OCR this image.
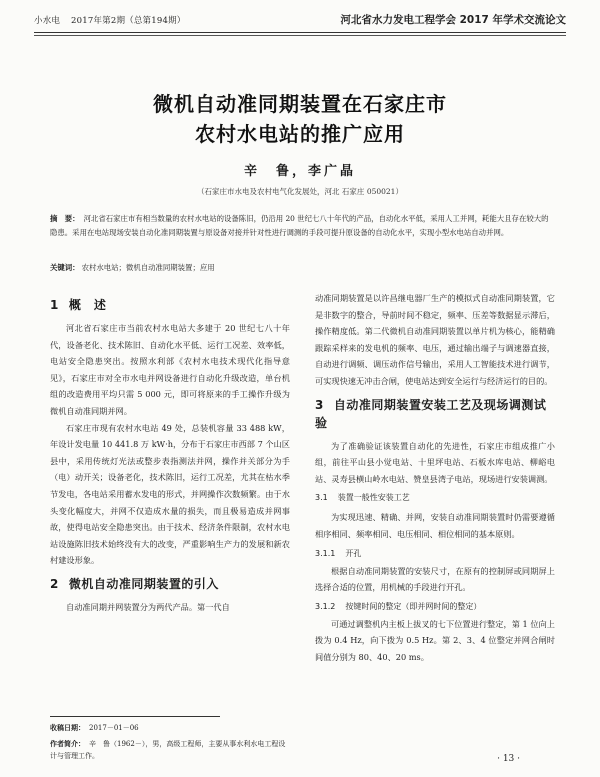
小水电 2017年第2期（总第194期）	河北省水力发电工程学会 2017 年学术交流论文
微机自动准同期装置在石家庄市
农村水电站的推广应用
辛　鲁，李广晶
（石家庄市水电及农村电气化发展处，河北 石家庄 050021）
摘　要： 河北省石家庄市有相当数量的农村水电站的设备陈旧，仍沿用 20 世纪七八十年代的产品，自动化水平低，采用人工并网，耗能大且存在较大的隐患。采用在电站现场安装自动化准同期装置与原设备对接并针对性进行调测的手段可提升原设备的自动化水平，实现小型水电站自动并网。
关键词： 农村水电站；微机自动准同期装置；应用
1 概　述

河北省石家庄市当前农村水电站大多建于 20 世纪七八十年代，设备老化、技术陈旧、自动化水平低、运行工况差、效率低，电站安全隐患突出。按照水利部《农村水电技术现代化指导意见》，石家庄市对全市水电并网设备进行自动化升级改造，单台机组的改造费用平均只需 5 000 元，即可将原来的手工操作升级为微机自动准同期并网。

石家庄市现有农村水电站 49 处，总装机容量 33 488 kW，年设计发电量 10 441.8 万 kW·h，分布于石家庄市西部 7 个山区县中，采用传统灯光法或整步表指测法并网，操作并关部分为手（电）动开关；设备老化，技术陈旧，运行工况差，尤其在枯水季节发电，各电站采用蓄水发电的形式，并网操作次数频繁。由于水头变化幅度大，并网不仅造成水量的损失，而且极易造成并网事故，使得电站安全隐患突出。由于技术、经济条件限制，农村水电站设施陈旧技术始终没有大的改变，严重影响生产力的发展和新农村建设形象。

2 微机自动准同期装置的引入

自动准同期并网装置分为两代产品。第一代自

动准同期装置是以许昌继电器厂生产的模拟式自动准同期装置，它是非数字的整合，导前时间不稳定，频率、压差等数据显示滞后，操作精度低。第二代微机自动准同期装置以单片机为核心，能精确跟踪采样来的发电机的频率、电压，通过输出端子与调速器直接，自动进行调频、调压动作信号输出，采用人工智能技术进行调节，可实现快速无冲击合闸，使电站达到安全运行与经济运行的目的。

3 自动准同期装置安装工艺及现场调测试验

为了准确验证该装置自动化的先进性，石家庄市组成推广小组，前往平山县小觉电站、十里坪电站、石板水库电站、柳峪电站、灵寿县横山岭水电站、赞皇县湾子电站，现场进行安装调测。

3.1 装置一般性安装工艺

为实现迅速、精确、并网，安装自动准同期装置时仍需要遵循相序相同、频率相同、电压相同、相位相同的基本原则。

3.1.1 开孔

根据自动准同期装置的安装尺寸，在原有的控制屏或同期屏上选择合适的位置，用机械的手段进行开孔。

3.1.2 按键时间的整定（即并网时间的整定）

可通过调整机内主板上拔叉的七下位置进行整定，第 1 位向上拨为 0.4 Hz，向下拨为 0.5 Hz。第 2、3、4 位整定并网合闸时间值分别为 80、40、20 ms。

收稿日期： 2017－01－06
作者简介： 辛　鲁（1962－），男，高级工程师，主要从事水利水电工程设计与管理工作。	· 13 ·
